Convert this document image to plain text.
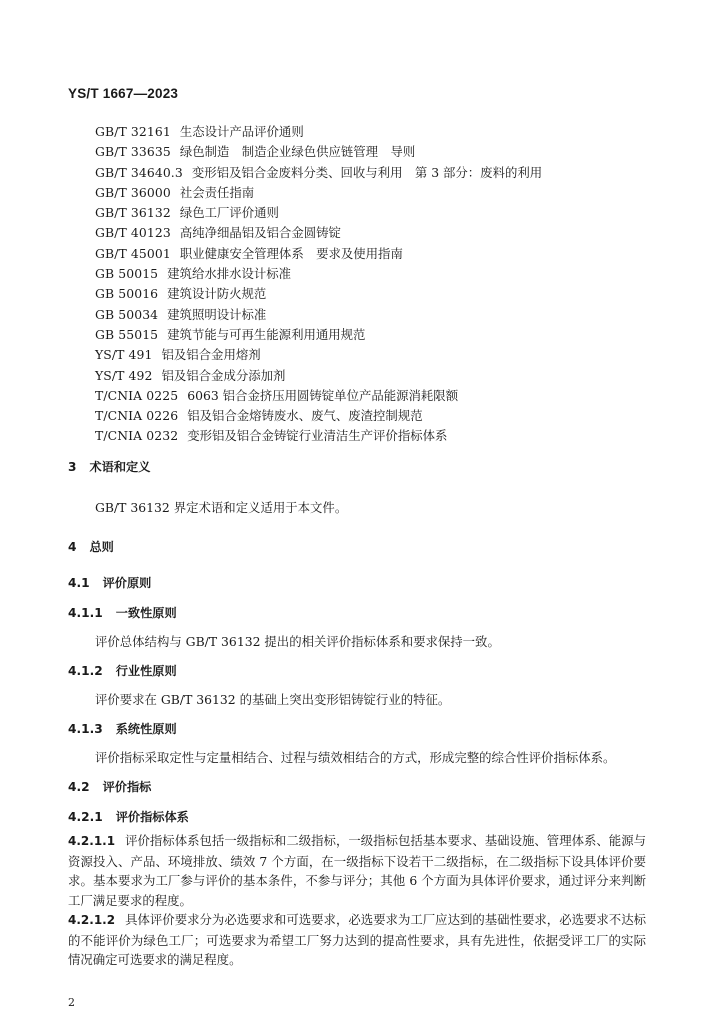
YS/T 1667—2023
GB/T 32161 生态设计产品评价通则
GB/T 33635 绿色制造　制造企业绿色供应链管理　导则
GB/T 34640.3 变形铝及铝合金废料分类、回收与利用　第 3 部分：废料的利用
GB/T 36000 社会责任指南
GB/T 36132 绿色工厂评价通则
GB/T 40123 高纯净细晶铝及铝合金圆铸锭
GB/T 45001 职业健康安全管理体系　要求及使用指南
GB 50015 建筑给水排水设计标准
GB 50016 建筑设计防火规范
GB 50034 建筑照明设计标准
GB 55015 建筑节能与可再生能源利用通用规范
YS/T 491 铝及铝合金用熔剂
YS/T 492 铝及铝合金成分添加剂
T/CNIA 0225 6063 铝合金挤压用圆铸锭单位产品能源消耗限额
T/CNIA 0226 铝及铝合金熔铸废水、废气、废渣控制规范
T/CNIA 0232 变形铝及铝合金铸锭行业清洁生产评价指标体系
3 术语和定义
GB/T 36132 界定术语和定义适用于本文件。
4 总则
4.1 评价原则
4.1.1 一致性原则
评价总体结构与 GB/T 36132 提出的相关评价指标体系和要求保持一致。
4.1.2 行业性原则
评价要求在 GB/T 36132 的基础上突出变形铝铸锭行业的特征。
4.1.3 系统性原则
评价指标采取定性与定量相结合、过程与绩效相结合的方式，形成完整的综合性评价指标体系。
4.2 评价指标
4.2.1 评价指标体系

4.2.1.1 评价指标体系包括一级指标和二级指标，一级指标包括基本要求、基础设施、管理体系、能源与资源投入、产品、环境排放、绩效 7 个方面，在一级指标下设若干二级指标，在二级指标下设具体评价要求。基本要求为工厂参与评价的基本条件，不参与评分；其他 6 个方面为具体评价要求，通过评分来判断工厂满足要求的程度。

4.2.1.2 具体评价要求分为必选要求和可选要求，必选要求为工厂应达到的基础性要求，必选要求不达标的不能评价为绿色工厂；可选要求为希望工厂努力达到的提高性要求，具有先进性，依据受评工厂的实际情况确定可选要求的满足程度。

2
